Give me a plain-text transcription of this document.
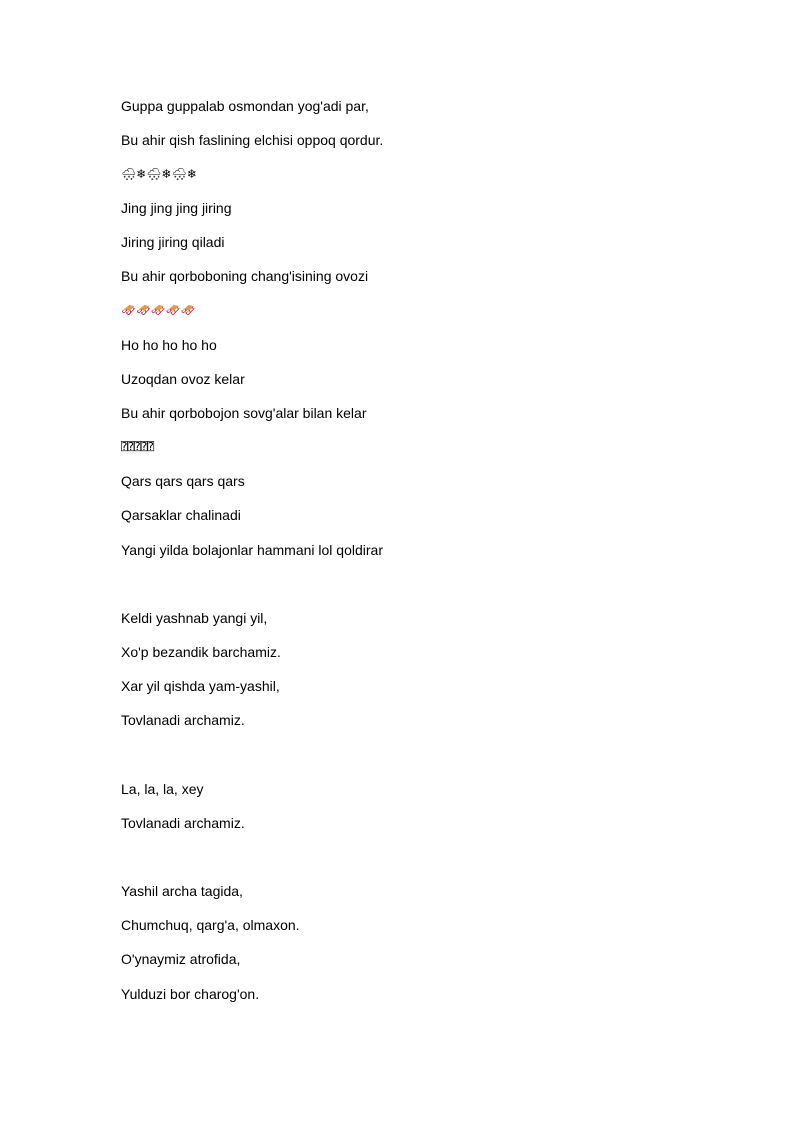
Guppa guppalab osmondan yog'adi par,
Bu ahir qish faslining elchisi oppoq qordur.
🌨❄🌨❄🌨❄
Jing jing jing jiring
Jiring jiring qiladi
Bu ahir qorboboning chang'isining ovozi
🛷🛷🛷🛷🛷
Ho ho ho ho ho
Uzoqdan ovoz kelar
Bu ahir qorbobojon sovg'alar bilan kelar
⍰⍰⍰⍰⍰
Qars qars qars qars
Qarsaklar chalinadi
Yangi yilda bolajonlar hammani lol qoldirar
Keldi yashnab yangi yil,
Xo'p bezandik barchamiz.
Xar yil qishda yam-yashil,
Tovlanadi archamiz.
La, la, la, xey
Tovlanadi archamiz.
Yashil archa tagida,
Chumchuq, qarg'a, olmaxon.
O'ynaymiz atrofida,
Yulduzi bor charog'on.
